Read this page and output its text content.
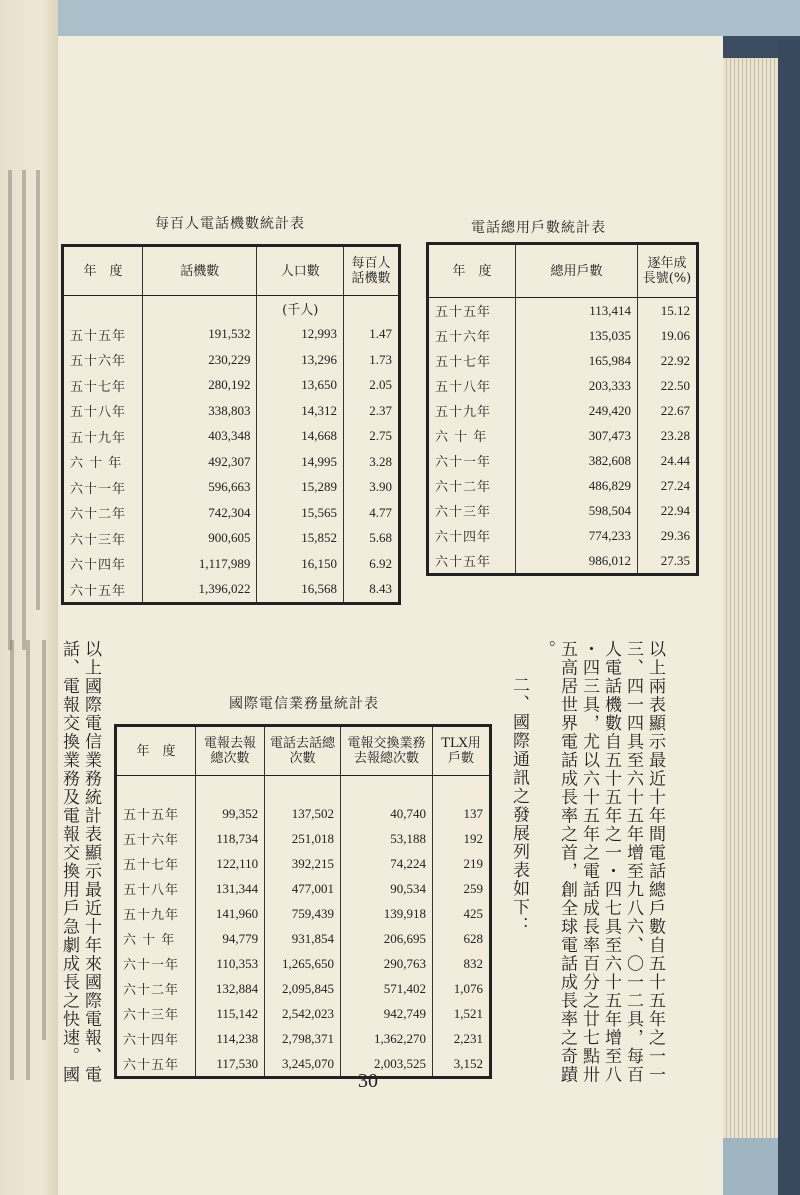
每百人電話機數統計表
年　度	話機數	人口數	每百人話機數
		(千人)	
五十五年	191,532	12,993	1.47
五十六年	230,229	13,296	1.73
五十七年	280,192	13,650	2.05
五十八年	338,803	14,312	2.37
五十九年	403,348	14,668	2.75
六 十 年	492,307	14,995	3.28
六十一年	596,663	15,289	3.90
六十二年	742,304	15,565	4.77
六十三年	900,605	15,852	5.68
六十四年	1,117,989	16,150	6.92
六十五年	1,396,022	16,568	8.43
電話總用戶數統計表
年　度	總用戶數	逐年成長號(%)
五十五年	113,414	15.12
五十六年	135,035	19.06
五十七年	165,984	22.92
五十八年	203,333	22.50
五十九年	249,420	22.67
六 十 年	307,473	23.28
六十一年	382,608	24.44
六十二年	486,829	27.24
六十三年	598,504	22.94
六十四年	774,233	29.36
六十五年	986,012	27.35
國際電信業務量統計表
年　度	電報去報總次數	電話去話總次數	電報交換業務去報總次數	TLX用戶數

五十五年	99,352	137,502	40,740	137
五十六年	118,734	251,018	53,188	192
五十七年	122,110	392,215	74,224	219
五十八年	131,344	477,001	90,534	259
五十九年	141,960	759,439	139,918	425
六 十 年	94,779	931,854	206,695	628
六十一年	110,353	1,265,650	290,763	832
六十二年	132,884	2,095,845	571,402	1,076
六十三年	115,142	2,542,023	942,749	1,521
六十四年	114,238	2,798,371	1,362,270	2,231
六十五年	117,530	3,245,070	2,003,525	3,152	以上兩表顯示最近十年間電話總戶數自五十五年之一一
三、四一四具至六十五年增至九八六、〇一二具，每百
人電話機數自五十五年之一・四七具至六十五年增至八
・四三具，尤以六十五年之電話成長率百分之廿七點卅
五高居世界電話成長率之首，創全球電話成長率之奇蹟
。
二、國際通訊之發展列表如下：
以上國際電信業務統計表顯示最近十年來國際電報、電
話、電報交換業務及電報交換用戶急劇成長之快速。國	30
